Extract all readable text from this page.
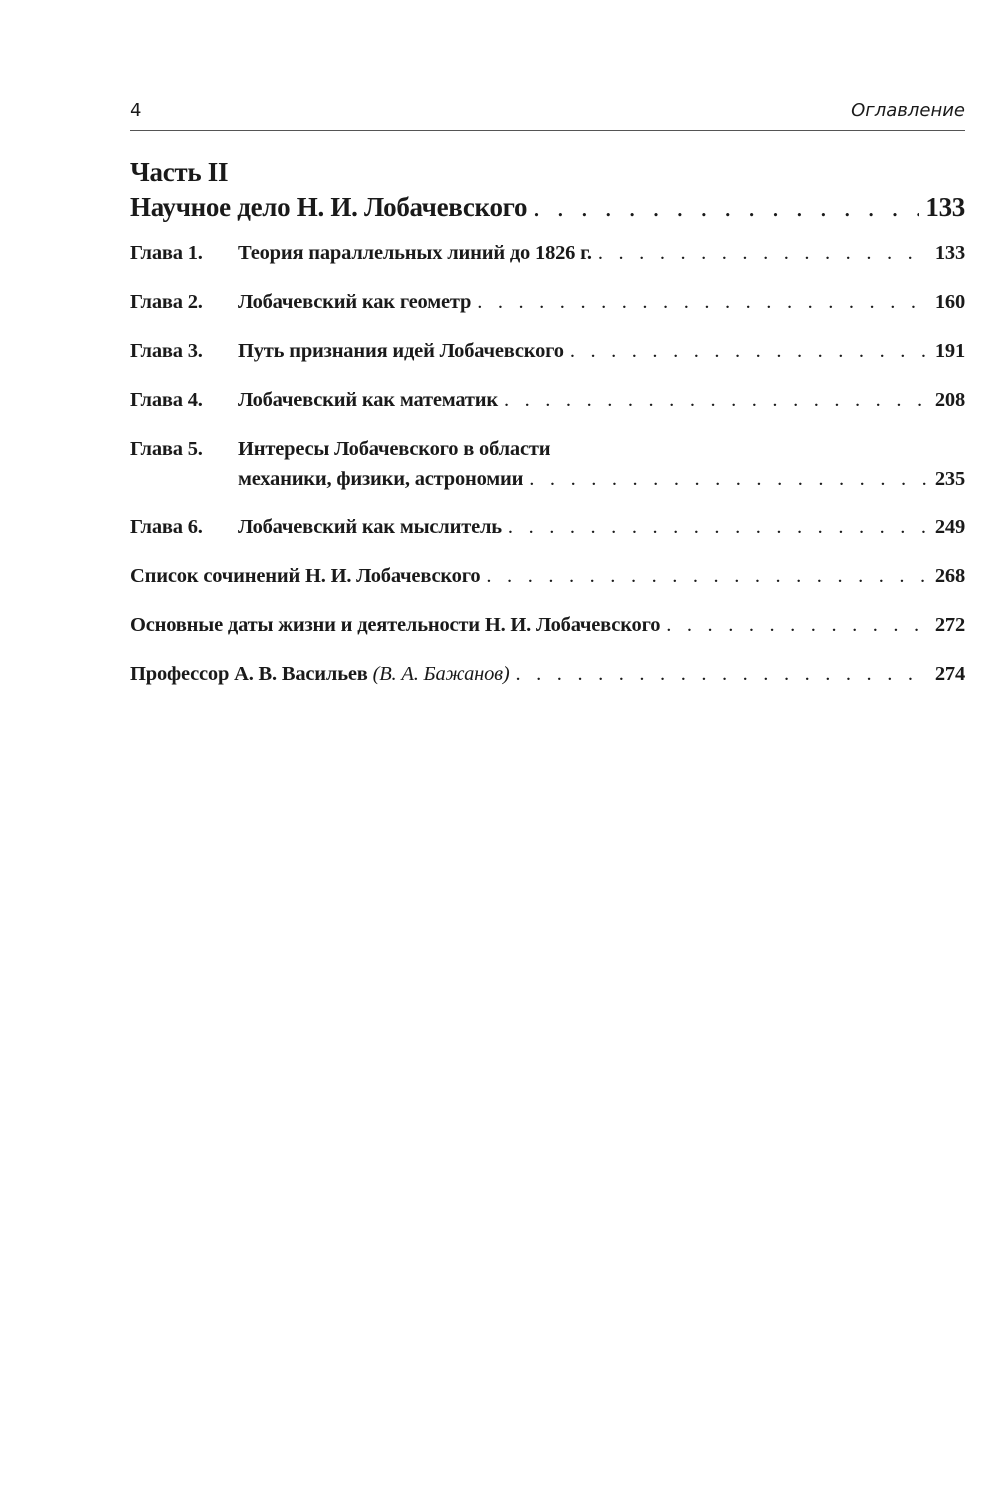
4	Оглавление
Часть II
Научное дело Н. И. Лобачевского . . .	133
Глава 1.	Теория параллельных линий до 1826 г. . . .	133
Глава 2.	Лобачевский как геометр . . .	160
Глава 3.	Путь признания идей Лобачевского . . .	191
Глава 4.	Лобачевский как математик . . .	208
Глава 5.	Интересы Лобачевского в области
механики, физики, астрономии . . .	235
Глава 6.	Лобачевский как мыслитель . . .	249
Список сочинений Н. И. Лобачевского . . .	268
Основные даты жизни и деятельности Н. И. Лобачевского . . .	272
Профессор А. В. Васильев
(В. А. Бажанов) . . .	274
